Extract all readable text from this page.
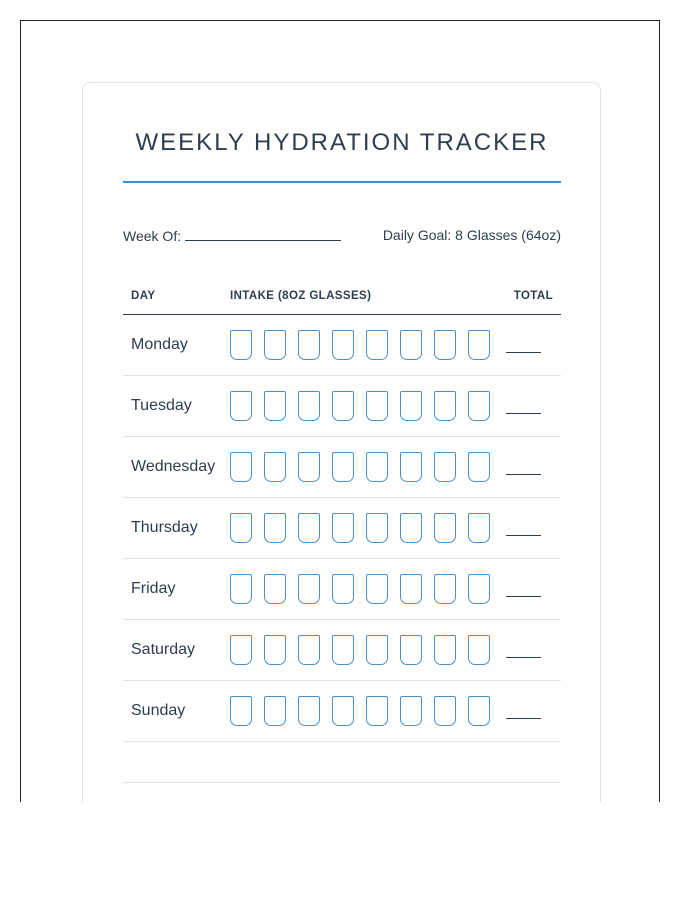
WEEKLY HYDRATION TRACKER
Week Of:	Daily Goal: 8 Glasses (64oz)
DAY	INTAKE (8OZ GLASSES)	TOTAL
Monday
Tuesday
Wednesday
Thursday
Friday
Saturday
Sunday
